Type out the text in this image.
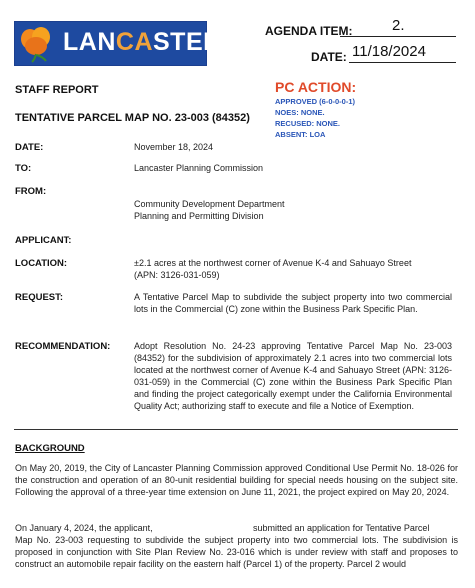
LANCASTER	AGENDA ITEM:	2.
DATE: 11/18/2024
STAFF REPORT
TENTATIVE PARCEL MAP NO. 23-003 (84352)
PC ACTION:
APPROVED (6-0-0-0-1)
NOES: NONE.
RECUSED: NONE.
ABSENT: LOA
DATE:	November 18, 2024
TO:	Lancaster Planning Commission
FROM:
Community Development Department
Planning and Permitting Division
APPLICANT:
LOCATION:	±2.1 acres at the northwest corner of Avenue K-4 and Sahuayo Street
(APN: 3126-031-059)
REQUEST:	A Tentative Parcel Map to subdivide the subject property into two commercial lots in the Commercial (C) zone within the Business Park Specific Plan.
RECOMMENDATION:	Adopt Resolution No. 24-23 approving Tentative Parcel Map No. 23-003 (84352) for the subdivision of approximately 2.1 acres into two commercial lots located at the northwest corner of Avenue K-4 and Sahuayo Street (APN: 3126-031-059) in the Commercial (C) zone within the Business Park Specific Plan and finding the project categorically exempt under the California Environmental Quality Act; authorizing staff to execute and file a Notice of Exemption.
BACKGROUND
On May 20, 2019, the City of Lancaster Planning Commission approved Conditional Use Permit No. 18-026 for the construction and operation of an 80-unit residential building for special needs housing on the subject site. Following the approval of a three-year time extension on June 11, 2021, the project expired on May 20, 2024.
On January 4, 2024, the applicant,	submitted an application for Tentative Parcel
Map No. 23-003 requesting to subdivide the subject property into two commercial lots. The subdivision is proposed in conjunction with Site Plan Review No. 23-016 which is under review with staff and proposes to construct an automobile repair facility on the eastern half (Parcel 1) of the property. Parcel 2 would
